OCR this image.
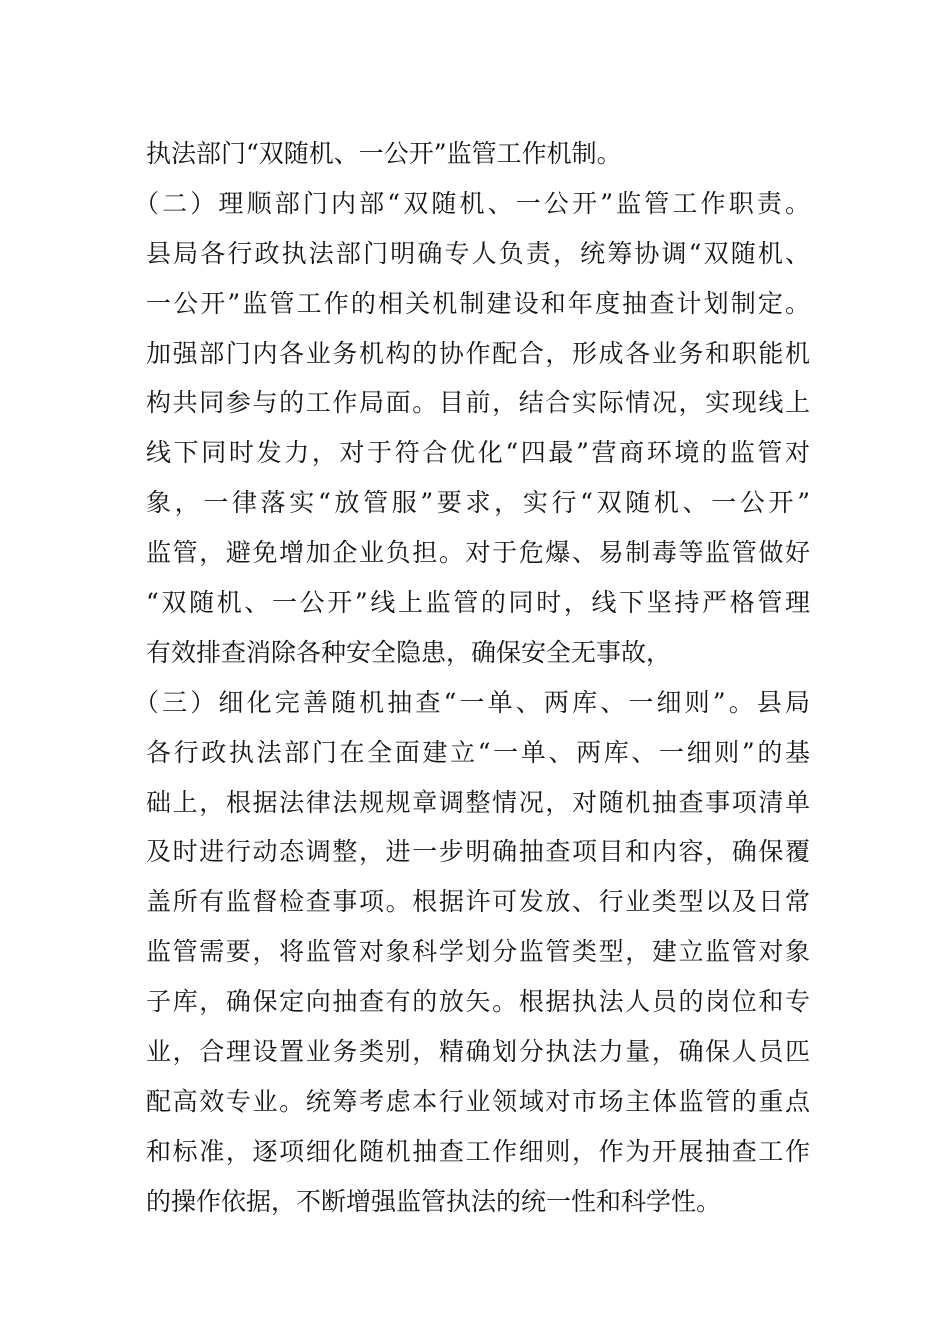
执法部门“双随机、一公开”监管工作机制。
（二）理顺部门内部“双随机、一公开”监管工作职责。
县局各行政执法部门明确专人负责，统筹协调“双随机、
一公开”监管工作的相关机制建设和年度抽查计划制定。
加强部门内各业务机构的协作配合，形成各业务和职能机
构共同参与的工作局面。目前，结合实际情况，实现线上
线下同时发力，对于符合优化“四最”营商环境的监管对
象，一律落实“放管服”要求，实行“双随机、一公开”
监管，避免增加企业负担。对于危爆、易制毒等监管做好
“双随机、一公开”线上监管的同时，线下坚持严格管理
有效排查消除各种安全隐患，确保安全无事故，
（三）细化完善随机抽查“一单、两库、一细则”。县局
各行政执法部门在全面建立“一单、两库、一细则”的基
础上，根据法律法规规章调整情况，对随机抽查事项清单
及时进行动态调整，进一步明确抽查项目和内容，确保覆
盖所有监督检查事项。根据许可发放、行业类型以及日常
监管需要，将监管对象科学划分监管类型，建立监管对象
子库，确保定向抽查有的放矢。根据执法人员的岗位和专
业，合理设置业务类别，精确划分执法力量，确保人员匹
配高效专业。统筹考虑本行业领域对市场主体监管的重点
和标准，逐项细化随机抽查工作细则，作为开展抽查工作
的操作依据，不断增强监管执法的统一性和科学性。
